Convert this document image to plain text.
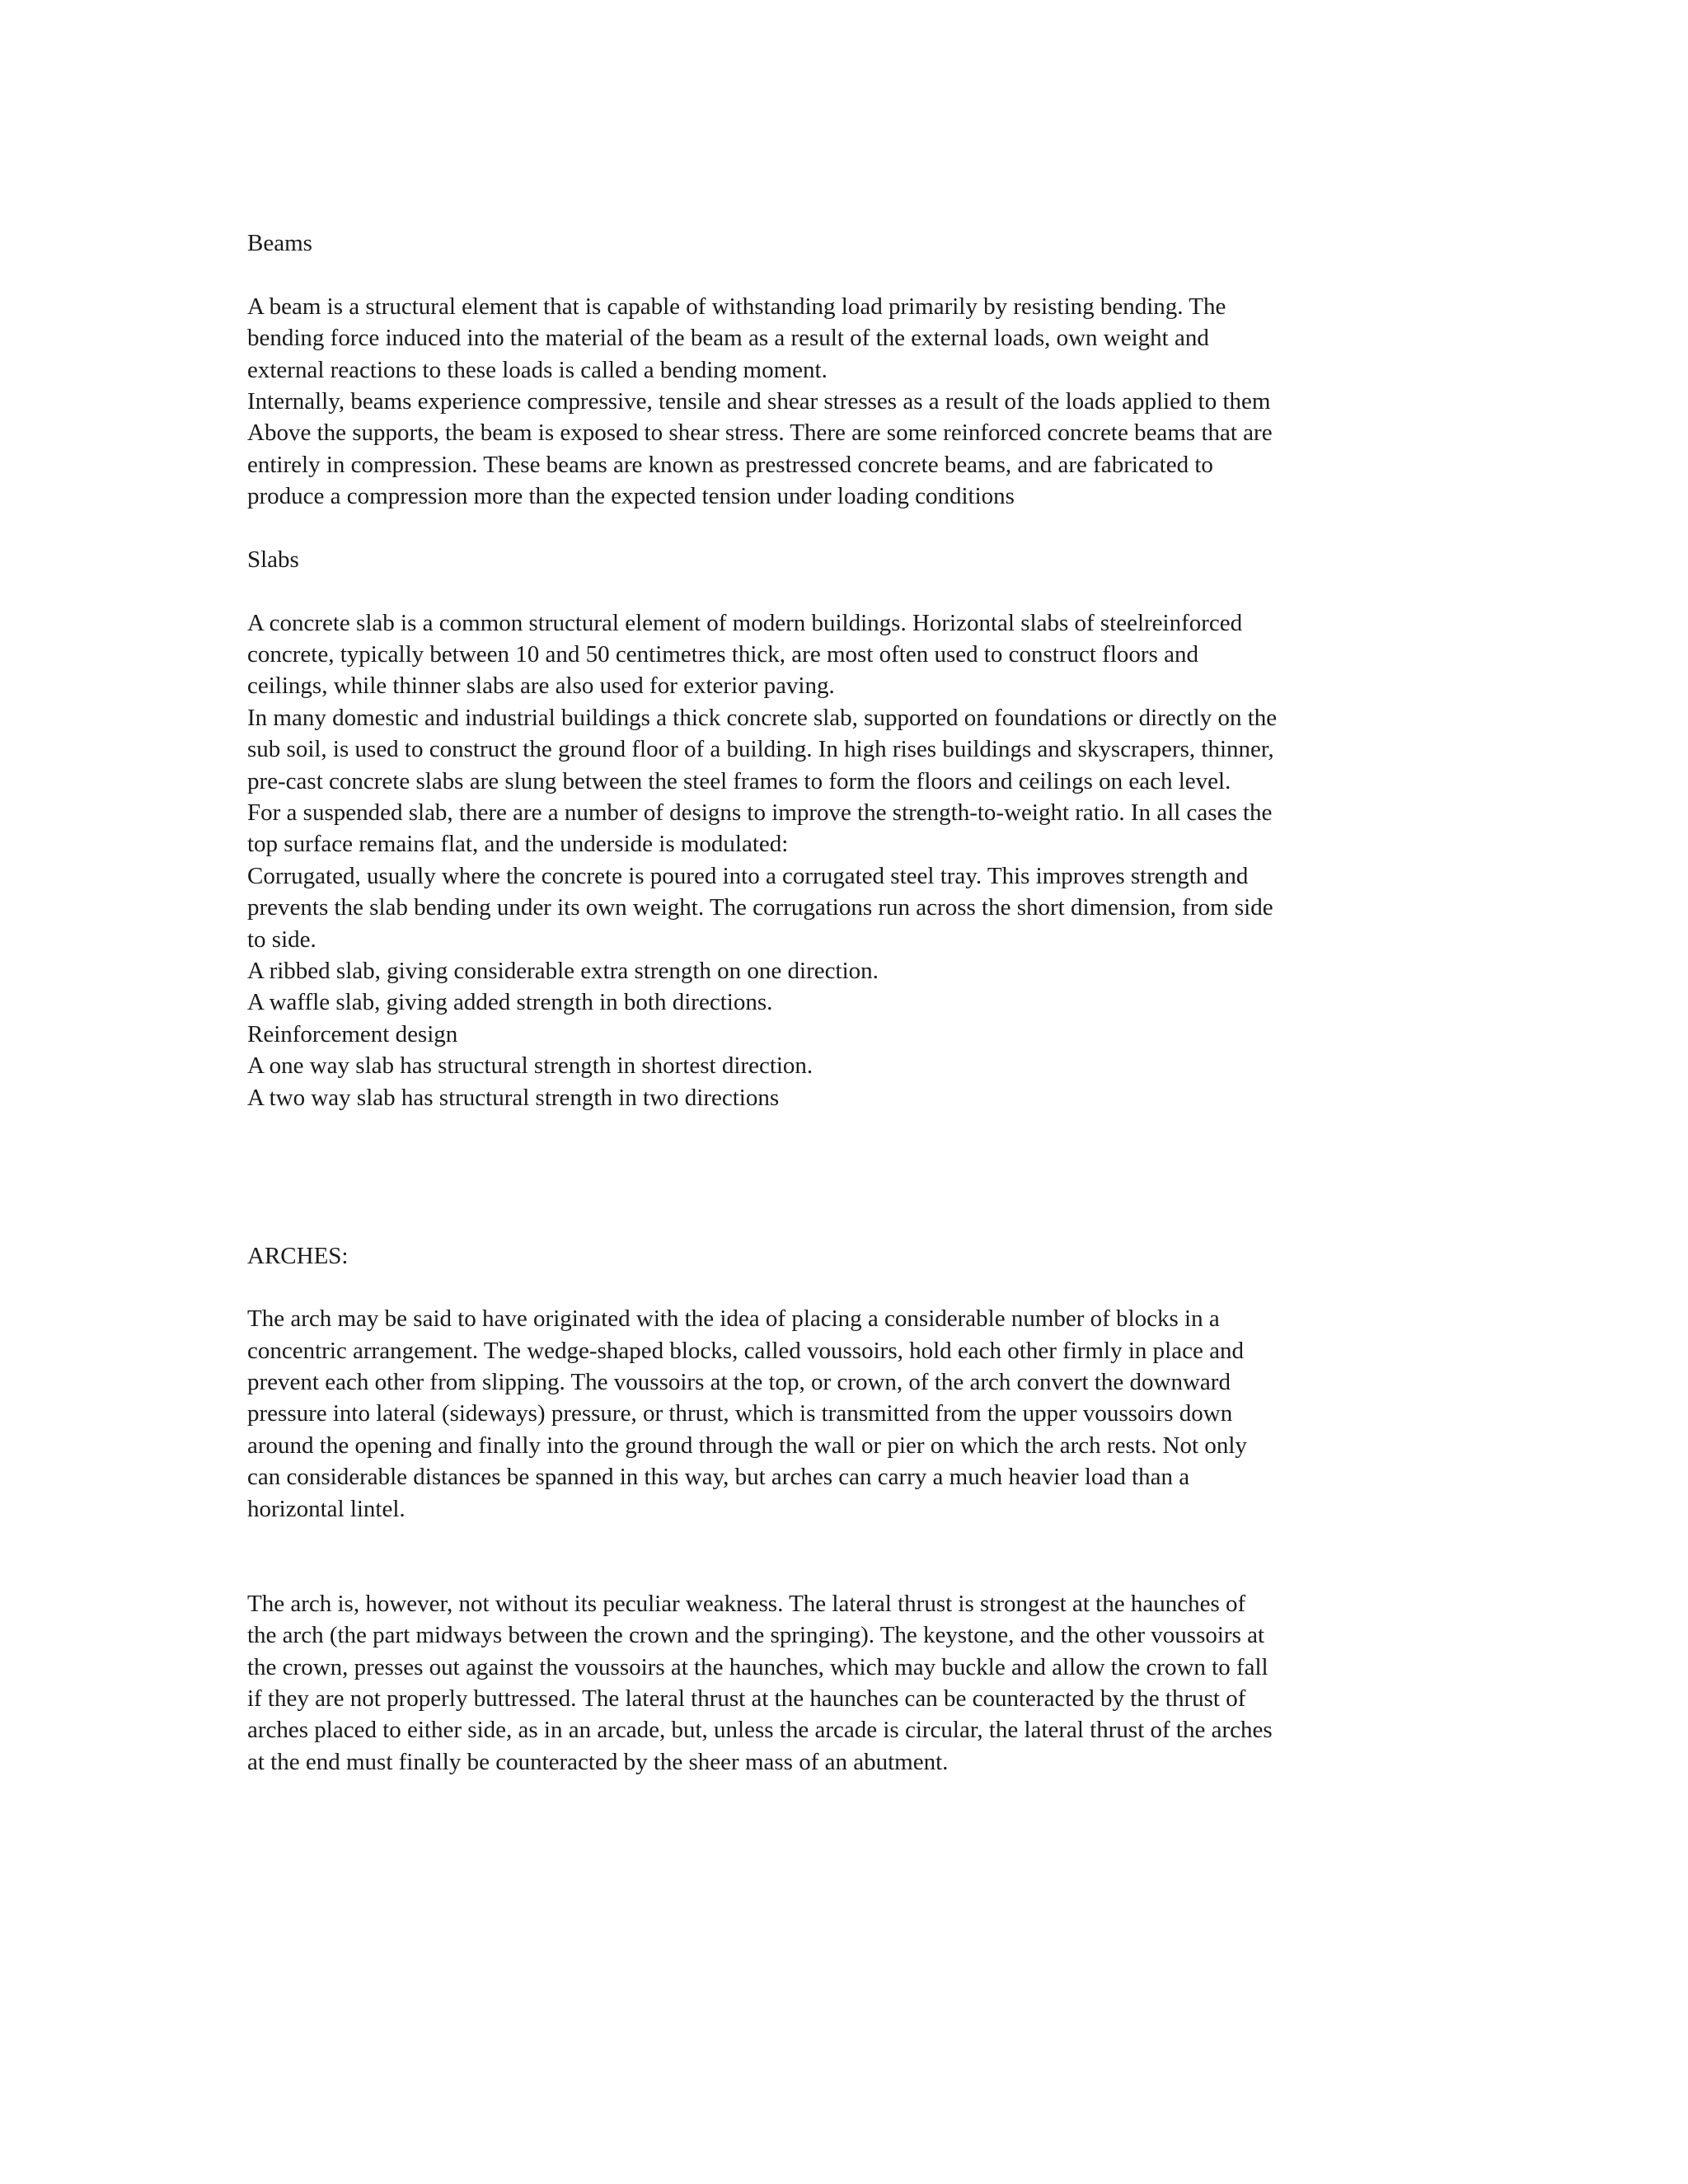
Beams
A beam is a structural element that is capable of withstanding load primarily by resisting bending. The
bending force induced into the material of the beam as a result of the external loads, own weight and
external reactions to these loads is called a bending moment.
Internally, beams experience compressive, tensile and shear stresses as a result of the loads applied to them
Above the supports, the beam is exposed to shear stress. There are some reinforced concrete beams that are
entirely in compression. These beams are known as prestressed concrete beams, and are fabricated to
produce a compression more than the expected tension under loading conditions
Slabs
A concrete slab is a common structural element of modern buildings. Horizontal slabs of steelreinforced
concrete, typically between 10 and 50 centimetres thick, are most often used to construct floors and
ceilings, while thinner slabs are also used for exterior paving.
In many domestic and industrial buildings a thick concrete slab, supported on foundations or directly on the
sub soil, is used to construct the ground floor of a building. In high rises buildings and skyscrapers, thinner,
pre-cast concrete slabs are slung between the steel frames to form the floors and ceilings on each level.
For a suspended slab, there are a number of designs to improve the strength-to-weight ratio. In all cases the
top surface remains flat, and the underside is modulated:
Corrugated, usually where the concrete is poured into a corrugated steel tray. This improves strength and
prevents the slab bending under its own weight. The corrugations run across the short dimension, from side
to side.
A ribbed slab, giving considerable extra strength on one direction.
A waffle slab, giving added strength in both directions.
Reinforcement design
A one way slab has structural strength in shortest direction.
A two way slab has structural strength in two directions
ARCHES:
The arch may be said to have originated with the idea of placing a considerable number of blocks in a
concentric arrangement. The wedge-shaped blocks, called voussoirs, hold each other firmly in place and
prevent each other from slipping. The voussoirs at the top, or crown, of the arch convert the downward
pressure into lateral (sideways) pressure, or thrust, which is transmitted from the upper voussoirs down
around the opening and finally into the ground through the wall or pier on which the arch rests. Not only
can considerable distances be spanned in this way, but arches can carry a much heavier load than a
horizontal lintel.
The arch is, however, not without its peculiar weakness. The lateral thrust is strongest at the haunches of
the arch (the part midways between the crown and the springing). The keystone, and the other voussoirs at
the crown, presses out against the voussoirs at the haunches, which may buckle and allow the crown to fall
if they are not properly buttressed. The lateral thrust at the haunches can be counteracted by the thrust of
arches placed to either side, as in an arcade, but, unless the arcade is circular, the lateral thrust of the arches
at the end must finally be counteracted by the sheer mass of an abutment.
